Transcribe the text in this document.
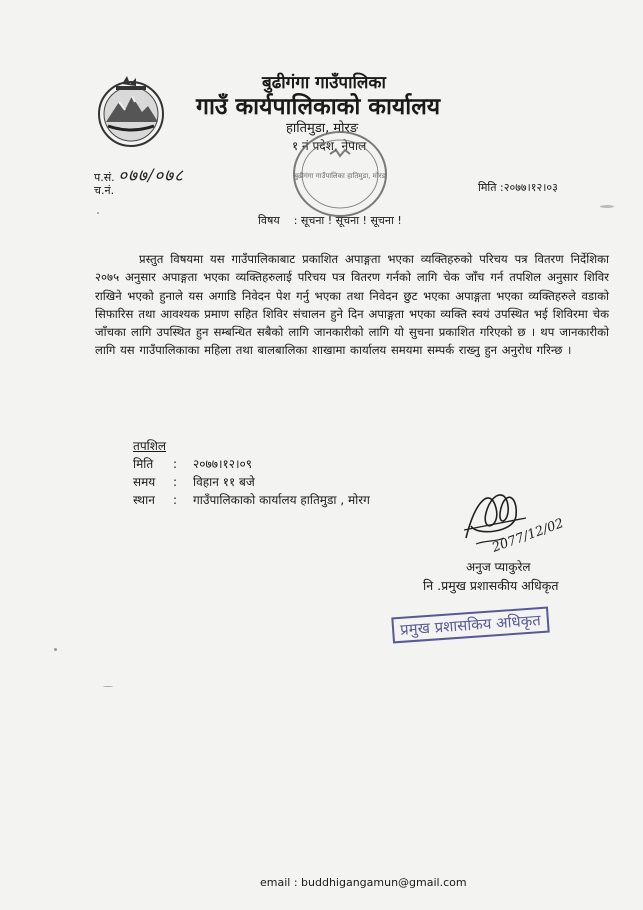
बुढीगंगा गाउँपालिका
गाउँ कार्यपालिकाको कार्यालय
हातिमुडा, मोरङ
१ नं प्रदेश, नेपाल
बुढीगंगा गाउँपालिका हातिमुडा, मोरङ
प.सं. ०७७/०७८
च.नं.	मिति :२०७७।१२।०३
विषय : सूचना ! सूचना ! सूचना !
प्रस्तुत विषयमा यस गाउँपालिकाबाट प्रकाशित अपाङ्गता भएका व्यक्तिहरुको परिचय पत्र वितरण निर्देशिका २०७५ अनुसार अपाङ्गता भएका व्यक्तिहरुलाई परिचय पत्र वितरण गर्नको लागि चेक जाँच गर्न तपशिल अनुसार शिविर राखिने भएको हुनाले यस अगाडि निवेदन पेश गर्नु भएका तथा निवेदन छुट भएका अपाङ्गता भएका व्यक्तिहरुले वडाको सिफारिस तथा आवश्यक प्रमाण सहित शिविर संचालन हुने दिन अपाङ्गता भएका व्यक्ति स्वयं उपस्थित भई शिविरमा चेक जाँचका लागि उपस्थित हुन सम्बन्धित सबैको लागि जानकारीको लागि यो सुचना प्रकाशित गरिएको छ । थप जानकारीको लागि यस गाउँपालिकाका महिला तथा बालबालिका शाखामा कार्यालय समयमा सम्पर्क राख्नु हुन अनुरोध गरिन्छ ।
तपशिल
मिति	:	२०७७।१२।०९
समय	:	विहान ११ बजे
स्थान	:	गाउँपालिकाको कार्यालय हातिमुडा , मोरग
2077/12/02
अनुज प्याकुरेल
नि .प्रमुख प्रशासकीय अधिकृत
प्रमुख प्रशासकिय अधिकृत
email : buddhigangamun@gmail.com
